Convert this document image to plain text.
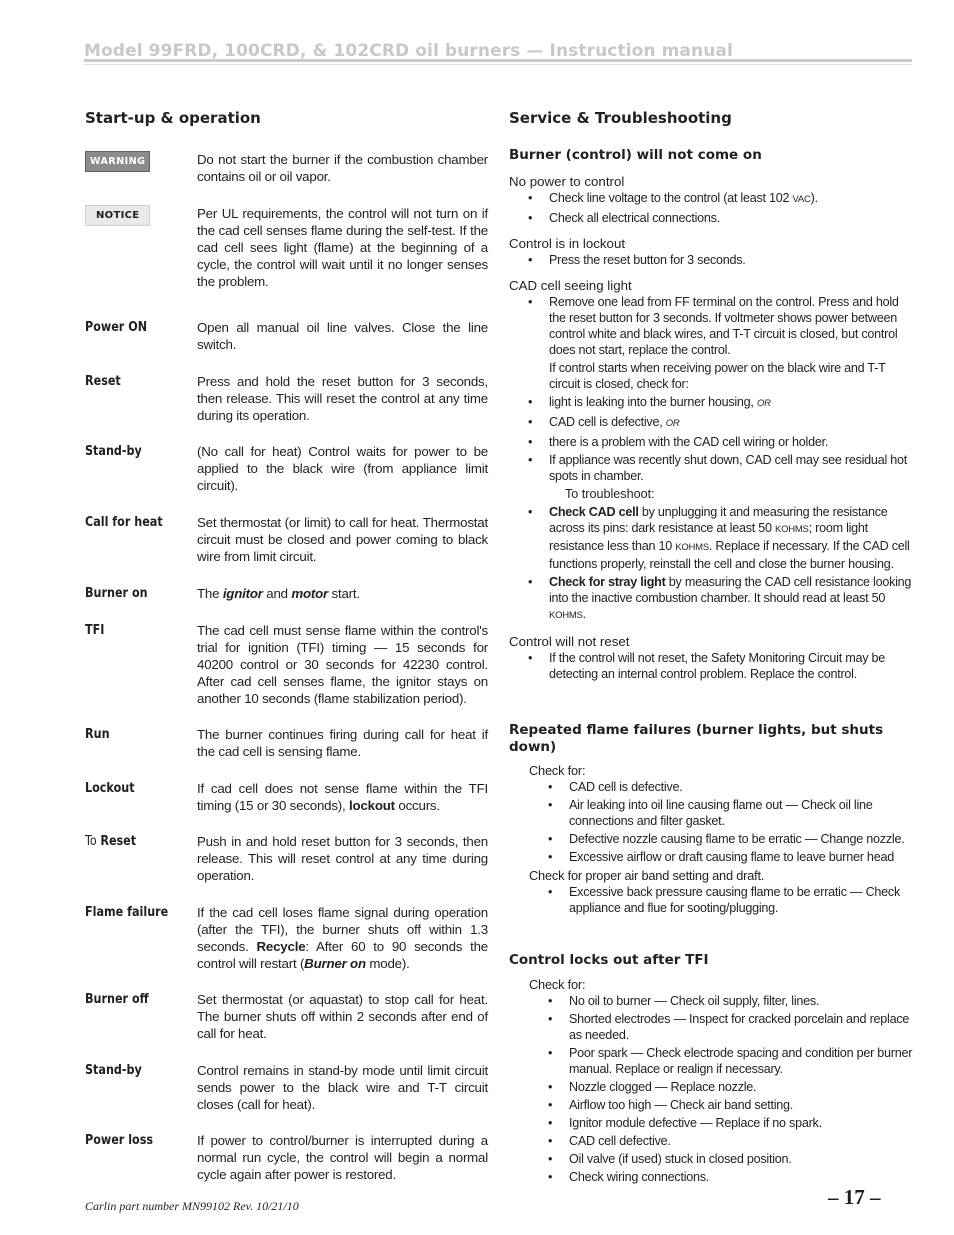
Model 99FRD, 100CRD, & 102CRD oil burners — Instruction manual
Start-up & operation
WARNING	Do not start the burner if the combustion chamber contains oil or oil vapor.
NOTICE	Per UL requirements, the control will not turn on if the cad cell senses flame during the self-test. If the cad cell sees light (flame) at the beginning of a cycle, the control will wait until it no longer senses the problem.
Power ON	Open all manual oil line valves. Close the line switch.
Reset	Press and hold the reset button for 3 seconds, then release. This will reset the control at any time during its operation.
Stand-by	(No call for heat) Control waits for power to be applied to the black wire (from appliance limit circuit).
Call for heat	Set thermostat (or limit) to call for heat. Thermostat circuit must be closed and power coming to black wire from limit circuit.
Burner on	The ignitor and motor start.
TFI	The cad cell must sense flame within the control's trial for ignition (TFI) timing — 15 seconds for 40200 control or 30 seconds for 42230 control. After cad cell senses flame, the ignitor stays on another 10 seconds (flame stabilization period).
Run	The burner continues firing during call for heat if the cad cell is sensing flame.
Lockout	If cad cell does not sense flame within the TFI timing (15 or 30 seconds), lockout occurs.
To Reset	Push in and hold reset button for 3 seconds, then release. This will reset control at any time during operation.
Flame failure	If the cad cell loses flame signal during operation (after the TFI), the burner shuts off within 1.3 seconds. Recycle: After 60 to 90 seconds the control will restart (Burner on mode).
Burner off	Set thermostat (or aquastat) to stop call for heat. The burner shuts off within 2 seconds after end of call for heat.
Stand-by	Control remains in stand-by mode until limit circuit sends power to the black wire and T-T circuit closes (call for heat).
Power loss	If power to control/burner is interrupted during a normal run cycle, the control will begin a normal cycle again after power is restored.
Service & Troubleshooting
Burner (control) will not come on
No power to control
• Check line voltage to the control (at least 102 VAC).
• Check all electrical connections.
Control is in lockout
• Press the reset button for 3 seconds.
CAD cell seeing light
• Remove one lead from FF terminal on the control. Press and hold the reset button for 3 seconds. If voltmeter shows power between control white and black wires, and T-T circuit is closed, but control does not start, replace the control.
If control starts when receiving power on the black wire and T-T circuit is closed, check for:
• light is leaking into the burner housing, OR
• CAD cell is defective, OR
• there is a problem with the CAD cell wiring or holder.
• If appliance was recently shut down, CAD cell may see residual hot spots in chamber.
To troubleshoot:
• Check CAD cell by unplugging it and measuring the resistance across its pins: dark resistance at least 50 KOHMS; room light resistance less than 10 KOHMS. Replace if necessary. If the CAD cell functions properly, reinstall the cell and close the burner housing.
• Check for stray light by measuring the CAD cell resistance looking into the inactive combustion chamber. It should read at least 50 KOHMS.
Control will not reset
• If the control will not reset, the Safety Monitoring Circuit may be detecting an internal control problem. Replace the control.
Repeated flame failures (burner lights, but shuts down)
Check for:
• CAD cell is defective.
• Air leaking into oil line causing flame out — Check oil line connections and filter gasket.
• Defective nozzle causing flame to be erratic — Change nozzle.
• Excessive airflow or draft causing flame to leave burner head
Check for proper air band setting and draft.
• Excessive back pressure causing flame to be erratic — Check appliance and flue for sooting/plugging.
Control locks out after TFI
Check for:
• No oil to burner — Check oil supply, filter, lines.
• Shorted electrodes — Inspect for cracked porcelain and replace as needed.
• Poor spark — Check electrode spacing and condition per burner manual. Replace or realign if necessary.
• Nozzle clogged — Replace nozzle.
• Airflow too high — Check air band setting.
• Ignitor module defective — Replace if no spark.
• CAD cell defective.
• Oil valve (if used) stuck in closed position.
• Check wiring connections.
Carlin part number MN99102 Rev. 10/21/10	– 17 –
